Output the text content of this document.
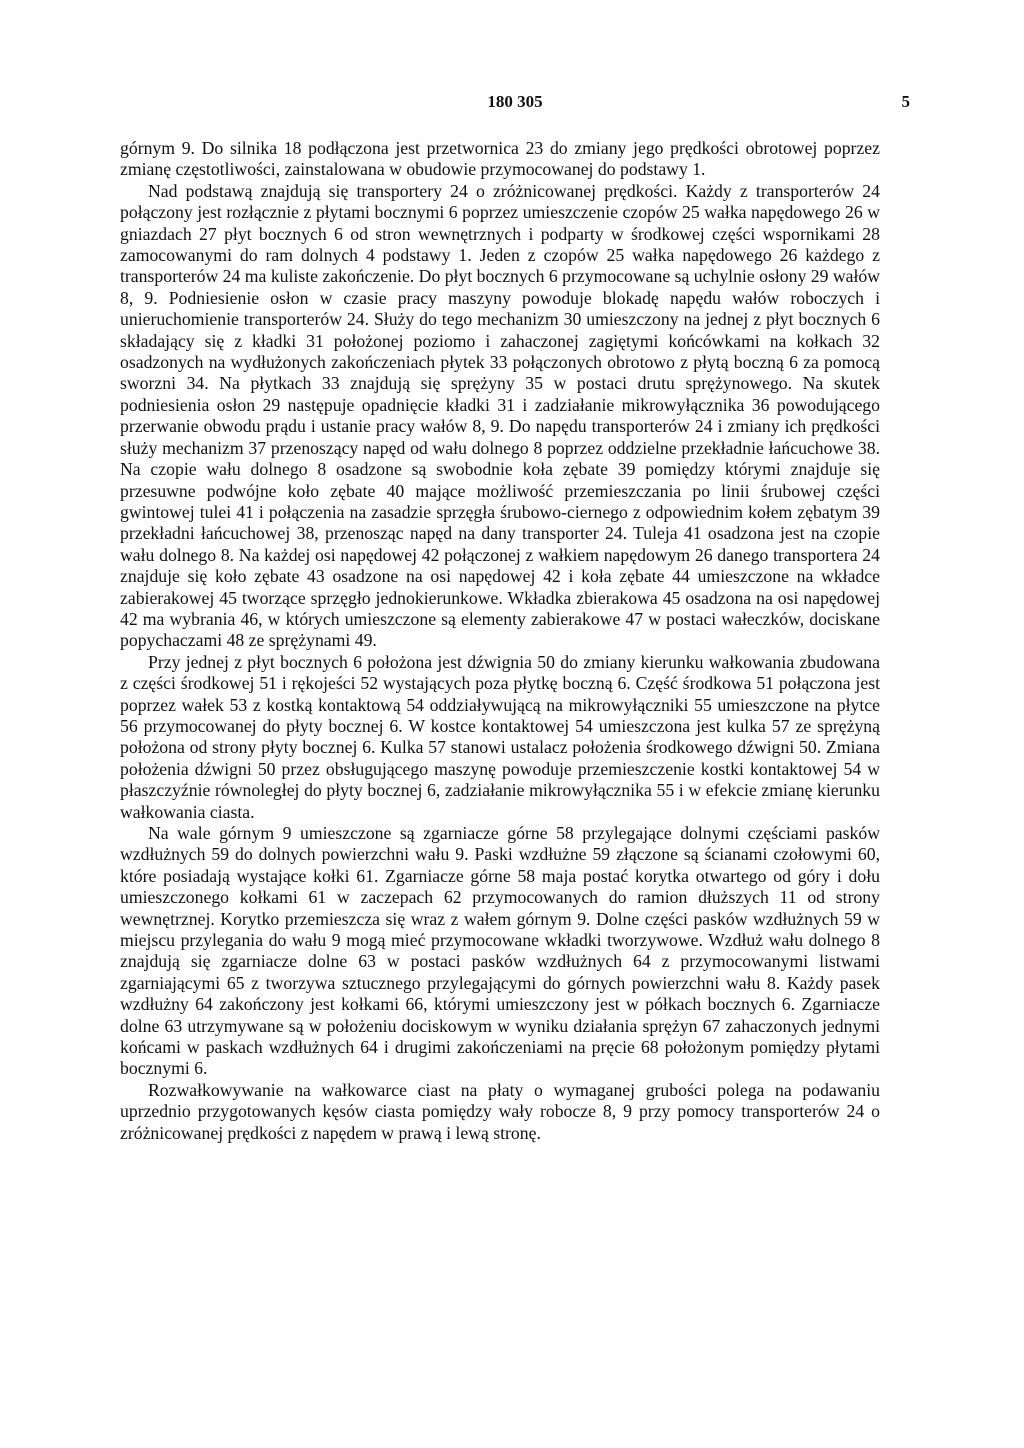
180 305	5

górnym 9. Do silnika 18 podłączona jest przetwornica 23 do zmiany jego prędkości obrotowej poprzez zmianę częstotliwości, zainstalowana w obudowie przymocowanej do podstawy 1.

Nad podstawą znajdują się transportery 24 o zróżnicowanej prędkości. Każdy z transporterów 24 połączony jest rozłącznie z płytami bocznymi 6 poprzez umieszczenie czopów 25 wałka napędowego 26 w gniazdach 27 płyt bocznych 6 od stron wewnętrznych i podparty w środkowej części wspornikami 28 zamocowanymi do ram dolnych 4 podstawy 1. Jeden z czopów 25 wałka napędowego 26 każdego z transporterów 24 ma kuliste zakończenie. Do płyt bocznych 6 przymocowane są uchylnie osłony 29 wałów 8, 9. Podniesienie osłon w czasie pracy maszyny powoduje blokadę napędu wałów roboczych i unieruchomienie transporterów 24. Służy do tego mechanizm 30 umieszczony na jednej z płyt bocznych 6 składający się z kładki 31 położonej poziomo i zahaczonej zagiętymi końcówkami na kołkach 32 osadzonych na wydłużonych zakończeniach płytek 33 połączonych obrotowo z płytą boczną 6 za pomocą sworzni 34. Na płytkach 33 znajdują się sprężyny 35 w postaci drutu sprężynowego. Na skutek podniesienia osłon 29 następuje opadnięcie kładki 31 i zadziałanie mikrowyłącznika 36 powodującego przerwanie obwodu prądu i ustanie pracy wałów 8, 9. Do napędu transporterów 24 i zmiany ich prędkości służy mechanizm 37 przenoszący napęd od wału dolnego 8 poprzez oddzielne przekładnie łańcuchowe 38. Na czopie wału dolnego 8 osadzone są swobodnie koła zębate 39 pomiędzy którymi znajduje się przesuwne podwójne koło zębate 40 mające możliwość przemieszczania po linii śrubowej części gwintowej tulei 41 i połączenia na zasadzie sprzęgła śrubowo-ciernego z odpowiednim kołem zębatym 39 przekładni łańcuchowej 38, przenosząc napęd na dany transporter 24. Tuleja 41 osadzona jest na czopie wału dolnego 8. Na każdej osi napędowej 42 połączonej z wałkiem napędowym 26 danego transportera 24 znajduje się koło zębate 43 osadzone na osi napędowej 42 i koła zębate 44 umieszczone na wkładce zabierakowej 45 tworzące sprzęgło jednokierunkowe. Wkładka zbierakowa 45 osadzona na osi napędowej 42 ma wybrania 46, w których umieszczone są elementy zabierakowe 47 w postaci wałeczków, dociskane popychaczami 48 ze sprężynami 49.

Przy jednej z płyt bocznych 6 położona jest dźwignia 50 do zmiany kierunku wałkowania zbudowana z części środkowej 51 i rękojeści 52 wystających poza płytkę boczną 6. Część środkowa 51 połączona jest poprzez wałek 53 z kostką kontaktową 54 oddziaływującą na mikrowyłączniki 55 umieszczone na płytce 56 przymocowanej do płyty bocznej 6. W kostce kontaktowej 54 umieszczona jest kulka 57 ze sprężyną położona od strony płyty bocznej 6. Kulka 57 stanowi ustalacz położenia środkowego dźwigni 50. Zmiana położenia dźwigni 50 przez obsługującego maszynę powoduje przemieszczenie kostki kontaktowej 54 w płaszczyźnie równoległej do płyty bocznej 6, zadziałanie mikrowyłącznika 55 i w efekcie zmianę kierunku wałkowania ciasta.

Na wale górnym 9 umieszczone są zgarniacze górne 58 przylegające dolnymi częściami pasków wzdłużnych 59 do dolnych powierzchni wału 9. Paski wzdłużne 59 złączone są ścianami czołowymi 60, które posiadają wystające kołki 61. Zgarniacze górne 58 maja postać korytka otwartego od góry i dołu umieszczonego kołkami 61 w zaczepach 62 przymocowanych do ramion dłuższych 11 od strony wewnętrznej. Korytko przemieszcza się wraz z wałem górnym 9. Dolne części pasków wzdłużnych 59 w miejscu przylegania do wału 9 mogą mieć przymocowane wkładki tworzywowe. Wzdłuż wału dolnego 8 znajdują się zgarniacze dolne 63 w postaci pasków wzdłużnych 64 z przymocowanymi listwami zgarniającymi 65 z tworzywa sztucznego przylegającymi do górnych powierzchni wału 8. Każdy pasek wzdłużny 64 zakończony jest kołkami 66, którymi umieszczony jest w półkach bocznych 6. Zgarniacze dolne 63 utrzymywane są w położeniu dociskowym w wyniku działania sprężyn 67 zahaczonych jednymi końcami w paskach wzdłużnych 64 i drugimi zakończeniami na pręcie 68 położonym pomiędzy płytami bocznymi 6.

Rozwałkowywanie na wałkowarce ciast na płaty o wymaganej grubości polega na podawaniu uprzednio przygotowanych kęsów ciasta pomiędzy wały robocze 8, 9 przy pomocy transporterów 24 o zróżnicowanej prędkości z napędem w prawą i lewą stronę.
